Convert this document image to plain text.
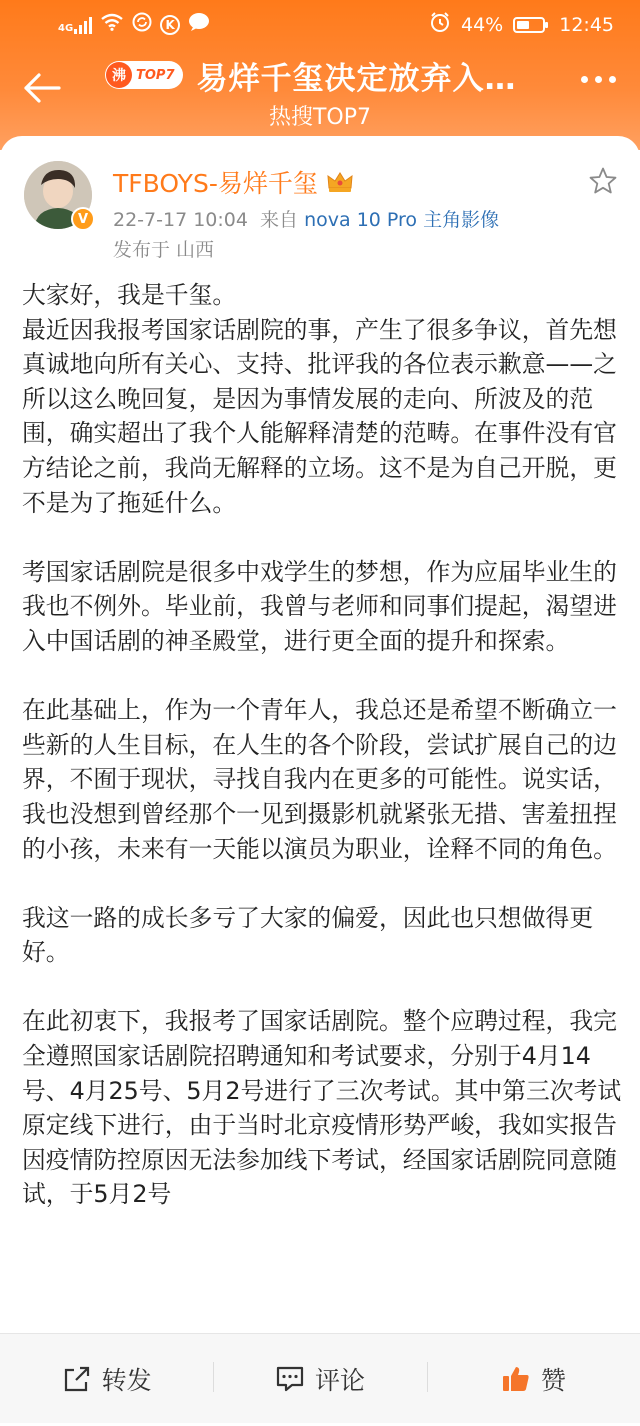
4G	K	44%	12:45
沸 TOP7 易烊千玺决定放弃入…
热搜TOP7
V
TFBOYS-易烊千玺
22-7-17 10:04 来自 nova 10 Pro 主角影像
发布于 山西

大家好，我是千玺。

最近因我报考国家话剧院的事，产生了很多争议，首先想真诚地向所有关心、支持、批评我的各位表示歉意——之所以这么晚回复，是因为事情发展的走向、所波及的范围，确实超出了我个人能解释清楚的范畴。在事件没有官方结论之前，我尚无解释的立场。这不是为自己开脱，更不是为了拖延什么。

考国家话剧院是很多中戏学生的梦想，作为应届毕业生的我也不例外。毕业前，我曾与老师和同事们提起，渴望进入中国话剧的神圣殿堂，进行更全面的提升和探索。

在此基础上，作为一个青年人，我总还是希望不断确立一些新的人生目标，在人生的各个阶段，尝试扩展自己的边界，不囿于现状，寻找自我内在更多的可能性。说实话，我也没想到曾经那个一见到摄影机就紧张无措、害羞扭捏的小孩，未来有一天能以演员为职业，诠释不同的角色。

我这一路的成长多亏了大家的偏爱，因此也只想做得更好。

在此初衷下，我报考了国家话剧院。整个应聘过程，我完全遵照国家话剧院招聘通知和考试要求，分别于4月14号、4月25号、5月2号进行了三次考试。其中第三次考试原定线下进行，由于当时北京疫情形势严峻，我如实报告因疫情防控原因无法参加线下考试，经国家话剧院同意随试，于5月2号

转发	评论	赞
